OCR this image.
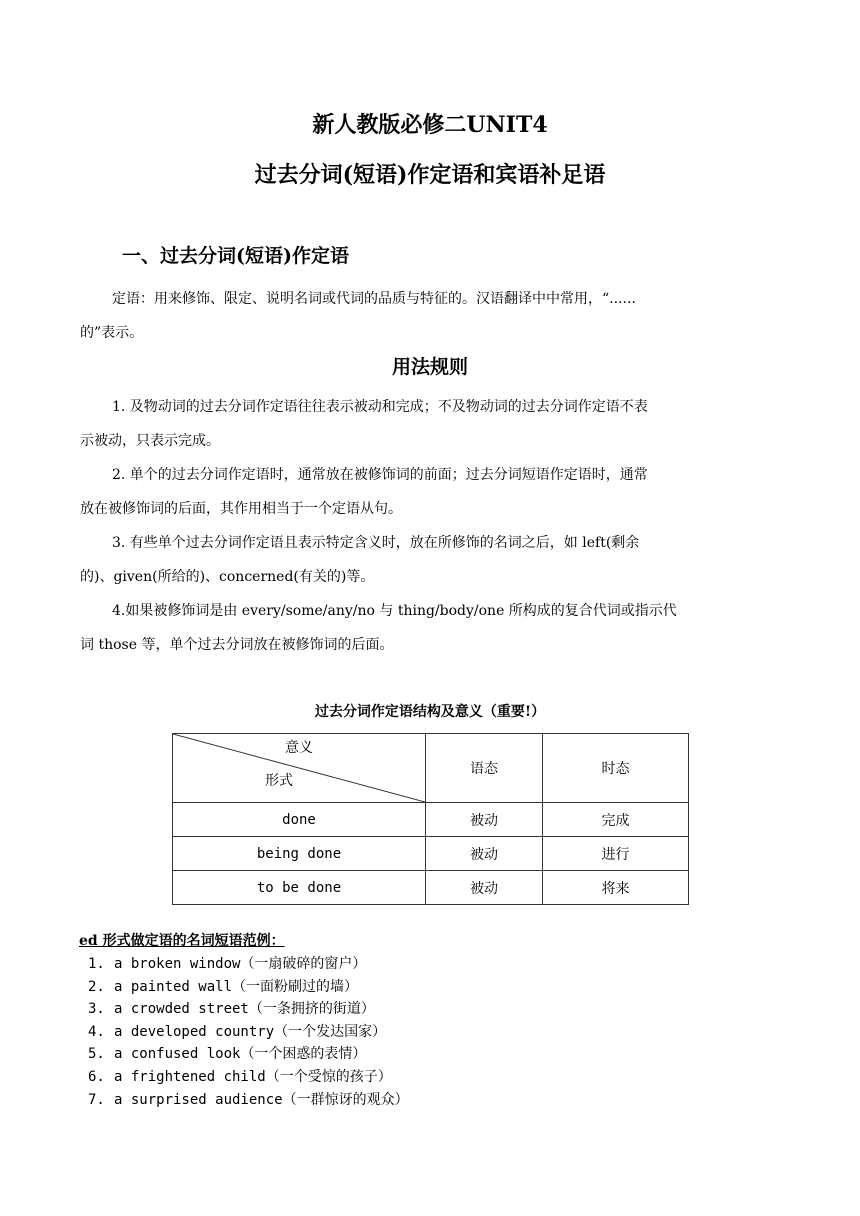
新人教版必修二UNIT4
过去分词(短语)作定语和宾语补足语
一、过去分词(短语)作定语
定语：用来修饰、限定、说明名词或代词的品质与特征的。汉语翻译中中常用，“......
的”表示。
用法规则
1. 及物动词的过去分词作定语往往表示被动和完成；不及物动词的过去分词作定语不表
示被动，只表示完成。
2. 单个的过去分词作定语时，通常放在被修饰词的前面；过去分词短语作定语时，通常
放在被修饰词的后面，其作用相当于一个定语从句。
3. 有些单个过去分词作定语且表示特定含义时，放在所修饰的名词之后，如 left(剩余
的)、given(所给的)、concerned(有关的)等。
4.如果被修饰词是由 every/some/any/no 与 thing/body/one 所构成的复合代词或指示代
词 those 等，单个过去分词放在被修饰词的后面。
过去分词作定语结构及意义（重要!）
意义
形式	语态	时态
done	被动	完成
being done	被动	进行
to be done	被动	将来
ed 形式做定语的名词短语范例：
1. a broken window（一扇破碎的窗户）
2. a painted wall（一面粉刷过的墙）
3. a crowded street（一条拥挤的街道）
4. a developed country（一个发达国家）
5. a confused look（一个困惑的表情）
6. a frightened child（一个受惊的孩子）
7. a surprised audience（一群惊讶的观众）
